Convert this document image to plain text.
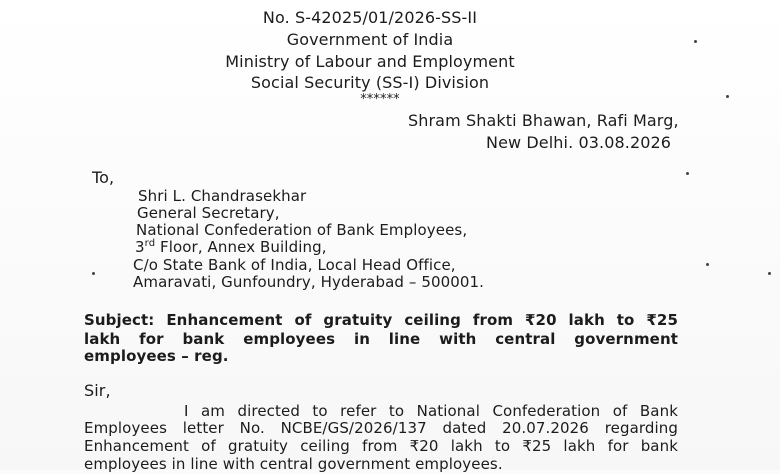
No. S-42025/01/2026-SS-II
Government of India
Ministry of Labour and Employment
Social Security (SS-I) Division
******
Shram Shakti Bhawan, Rafi Marg,
New Delhi. 03.08.2026
To,
Shri L. Chandrasekhar
General Secretary,
National Confederation of Bank Employees,
3rd Floor, Annex Building,
C/o State Bank of India, Local Head Office,
Amaravati, Gunfoundry, Hyderabad – 500001.
Subject: Enhancement of gratuity ceiling from ₹20 lakh to ₹25
lakh for bank employees in line with central government
employees – reg.
Sir,
I am directed to refer to National Confederation of Bank
Employees letter No. NCBE/GS/2026/137 dated 20.07.2026 regarding
Enhancement of gratuity ceiling from ₹20 lakh to ₹25 lakh for bank
employees in line with central government employees.
